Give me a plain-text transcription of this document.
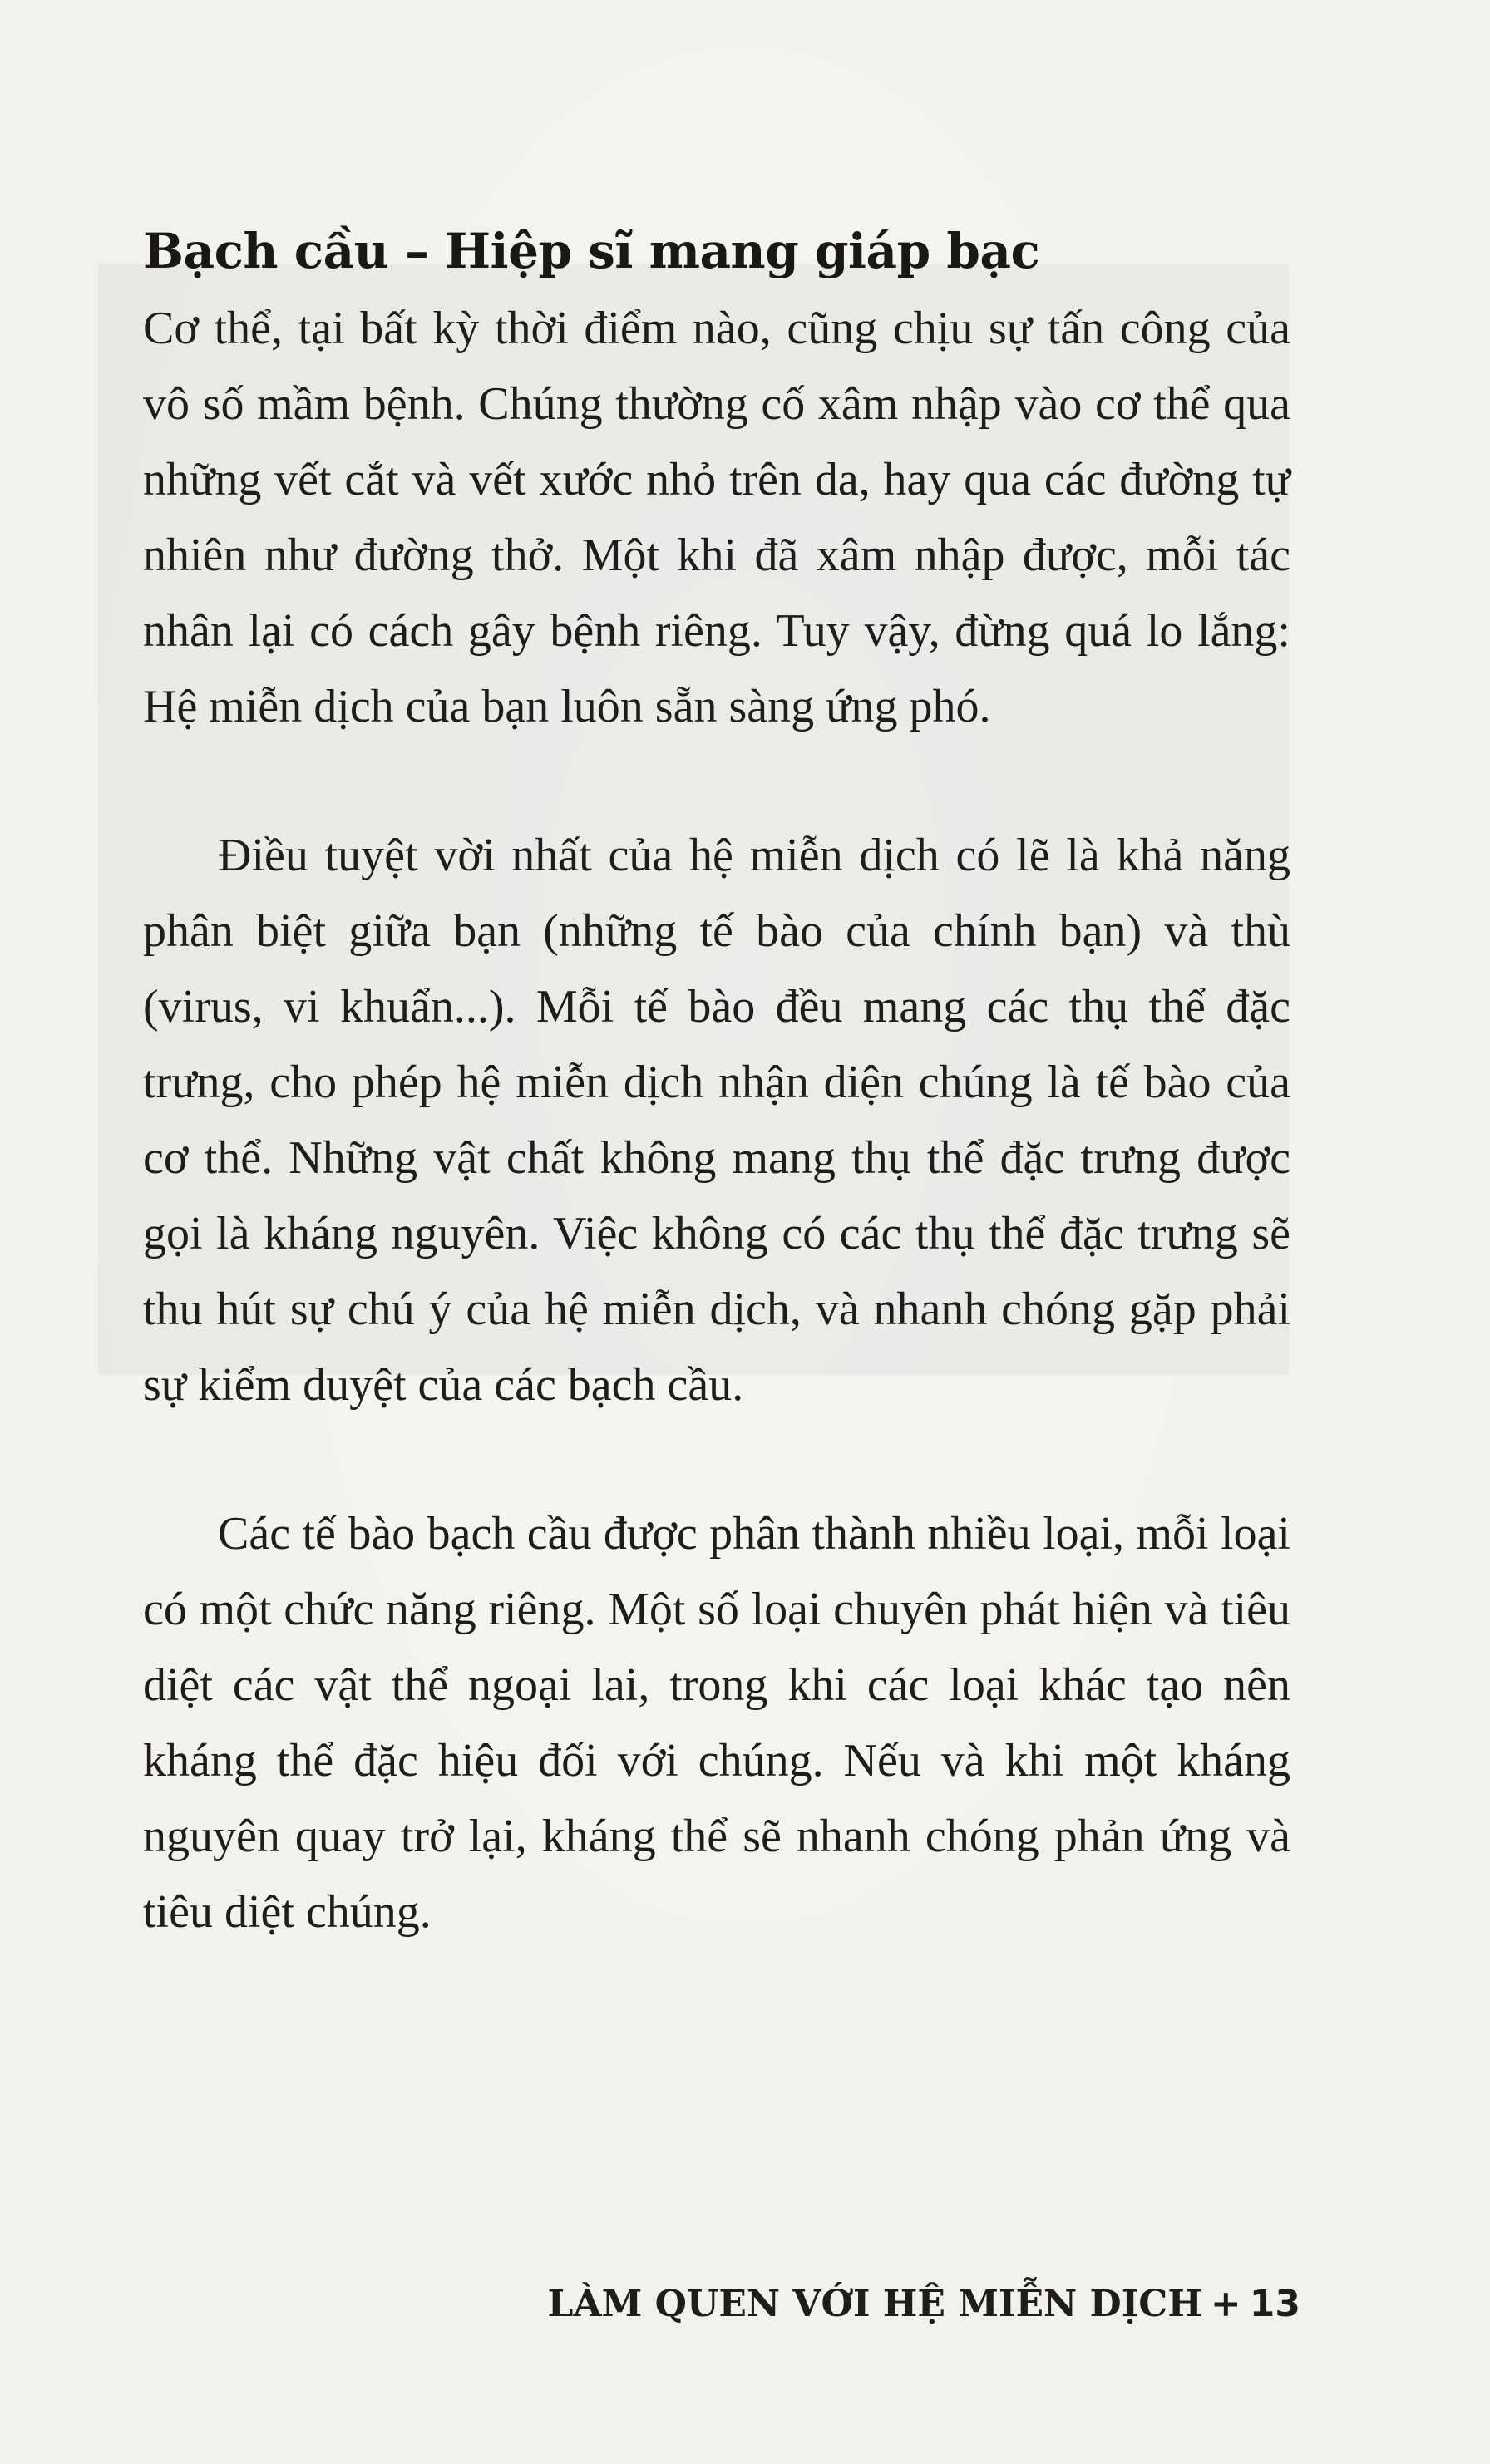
Bạch cầu – Hiệp sĩ mang giáp bạc

Cơ thể, tại bất kỳ thời điểm nào, cũng chịu sự tấn công của vô số mầm bệnh. Chúng thường cố xâm nhập vào cơ thể qua những vết cắt và vết xước nhỏ trên da, hay qua các đường tự nhiên như đường thở. Một khi đã xâm nhập được, mỗi tác nhân lại có cách gây bệnh riêng. Tuy vậy, đừng quá lo lắng: Hệ miễn dịch của bạn luôn sẵn sàng ứng phó.

Điều tuyệt vời nhất của hệ miễn dịch có lẽ là khả năng phân biệt giữa bạn (những tế bào của chính bạn) và thù (virus, vi khuẩn...). Mỗi tế bào đều mang các thụ thể đặc trưng, cho phép hệ miễn dịch nhận diện chúng là tế bào của cơ thể. Những vật chất không mang thụ thể đặc trưng được gọi là kháng nguyên. Việc không có các thụ thể đặc trưng sẽ thu hút sự chú ý của hệ miễn dịch, và nhanh chóng gặp phải sự kiểm duyệt của các bạch cầu.

Các tế bào bạch cầu được phân thành nhiều loại, mỗi loại có một chức năng riêng. Một số loại chuyên phát hiện và tiêu diệt các vật thể ngoại lai, trong khi các loại khác tạo nên kháng thể đặc hiệu đối với chúng. Nếu và khi một kháng nguyên quay trở lại, kháng thể sẽ nhanh chóng phản ứng và tiêu diệt chúng.

LÀM QUEN VỚI HỆ MIỄN DỊCH + 13
